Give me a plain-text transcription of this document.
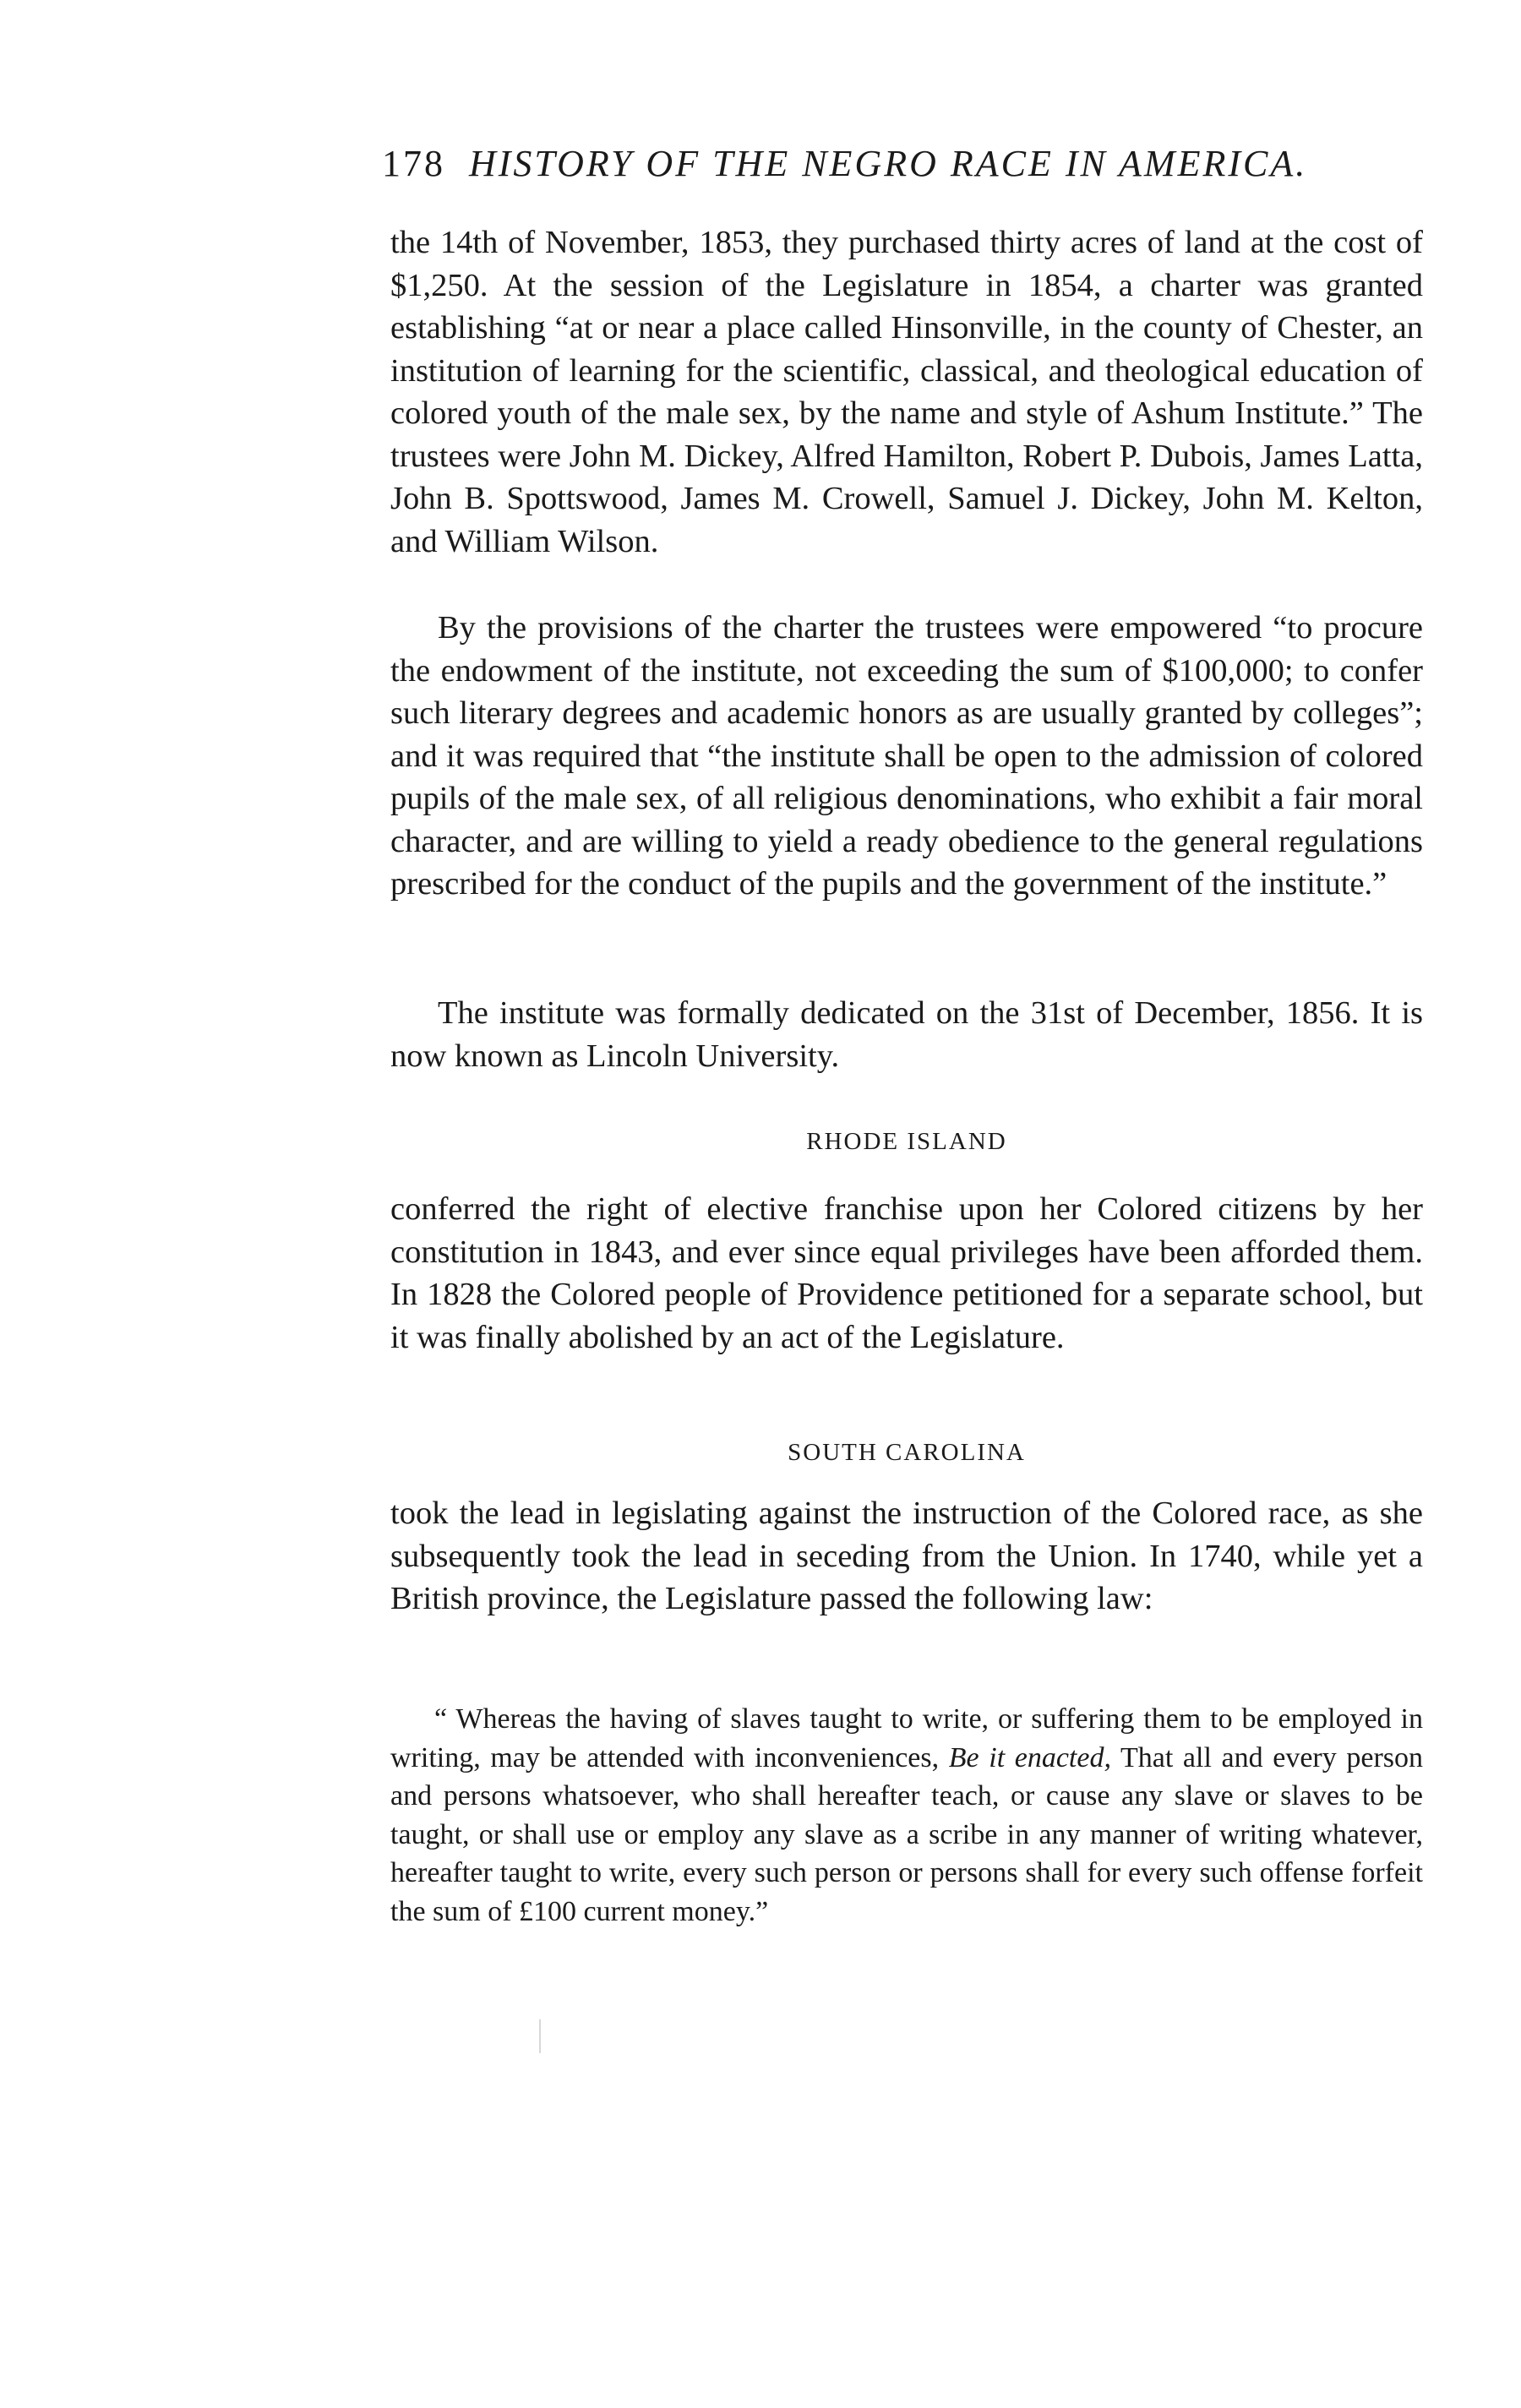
178 HISTORY OF THE NEGRO RACE IN AMERICA.

the 14th of November, 1853, they purchased thirty acres of land at the cost of $1,250. At the session of the Legislature in 1854, a charter was granted establishing “at or near a place called Hinsonville, in the county of Chester, an institution of learning for the scientific, classical, and theological education of colored youth of the male sex, by the name and style of Ashum Institute.” The trustees were John M. Dickey, Alfred Hamilton, Robert P. Dubois, James Latta, John B. Spottswood, James M. Crowell, Samuel J. Dickey, John M. Kelton, and William Wilson.

By the provisions of the charter the trustees were empowered “to procure the endowment of the institute, not exceeding the sum of $100,000; to confer such literary degrees and academic honors as are usually granted by colleges”; and it was required that “the institute shall be open to the admission of colored pupils of the male sex, of all religious denominations, who exhibit a fair moral character, and are willing to yield a ready obedience to the general regulations prescribed for the conduct of the pupils and the government of the institute.”

The institute was formally dedicated on the 31st of December, 1856. It is now known as Lincoln University.

RHODE ISLAND

conferred the right of elective franchise upon her Colored citizens by her constitution in 1843, and ever since equal privileges have been afforded them. In 1828 the Colored people of Providence petitioned for a separate school, but it was finally abolished by an act of the Legislature.

SOUTH CAROLINA

took the lead in legislating against the instruction of the Colored race, as she subsequently took the lead in seceding from the Union. In 1740, while yet a British province, the Legislature passed the following law:

“ Whereas the having of slaves taught to write, or suffering them to be employed in writing, may be attended with inconveniences, Be it enacted, That all and every person and persons whatsoever, who shall hereafter teach, or cause any slave or slaves to be taught, or shall use or employ any slave as a scribe in any manner of writing whatever, hereafter taught to write, every such person or persons shall for every such offense forfeit the sum of £100 current money.”
